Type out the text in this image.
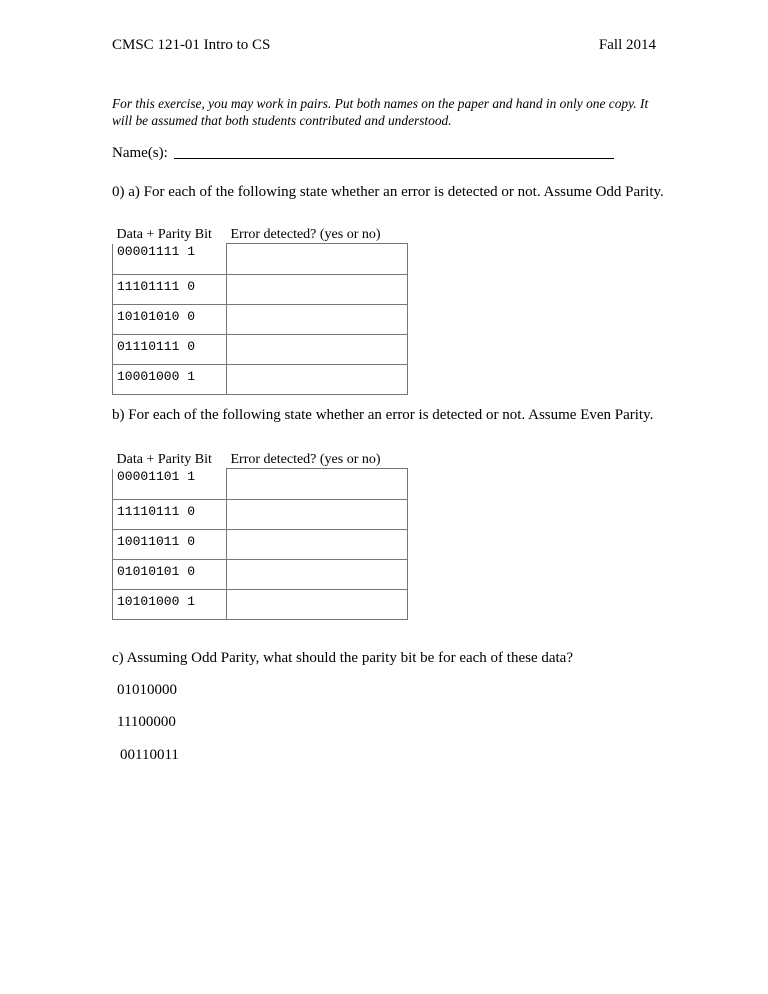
CMSC 121-01 Intro to CS	Fall 2014
For this exercise, you may work in pairs. Put both names on the paper and hand in only one copy. It will be assumed that both students contributed and understood.
Name(s):
0) a) For each of the following state whether an error is detected or not. Assume Odd Parity.
Data + Parity Bit	Error detected? (yes or no)
00001111 1	
11101111 0	
10101010 0	
01110111 0	
10001000 1	
b) For each of the following state whether an error is detected or not. Assume Even Parity.
Data + Parity Bit	Error detected? (yes or no)
00001101 1	
11110111 0	
10011011 0	
01010101 0	
10101000 1	
c) Assuming Odd Parity, what should the parity bit be for each of these data?
01010000
11100000
00110011
